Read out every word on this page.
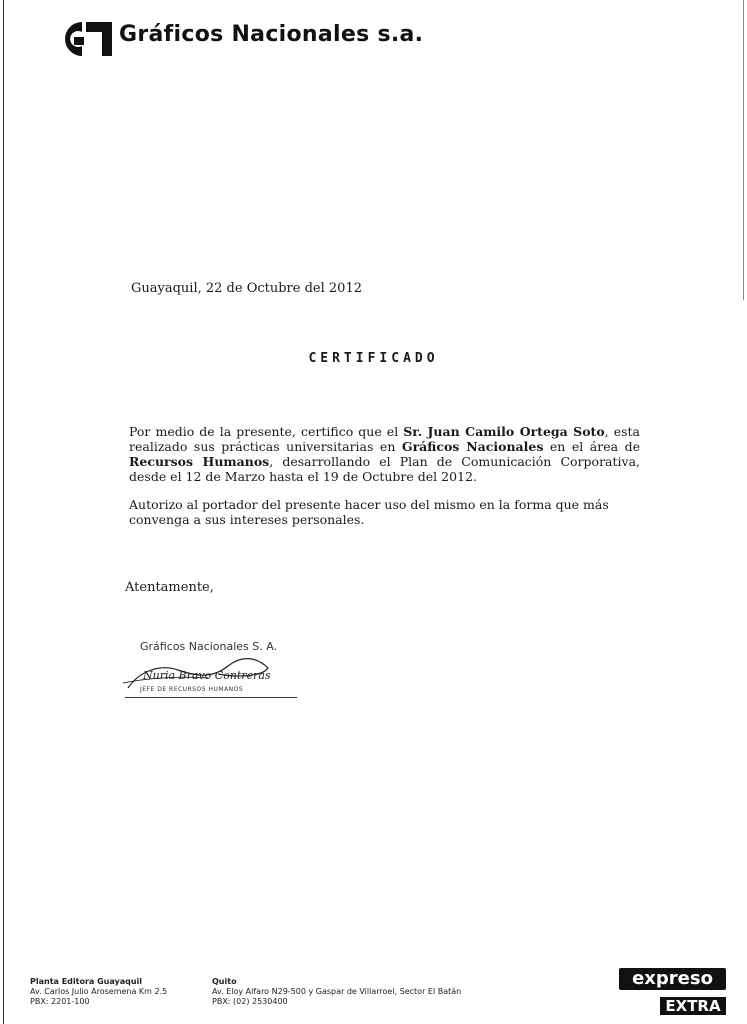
Gráficos Nacionales s.a.
Guayaquil, 22 de Octubre del 2012
CERTIFICADO

Por medio de la presente, certifico que el Sr. Juan Camilo Ortega Soto, esta realizado sus prácticas universitarias en Gráficos Nacionales en el área de Recursos Humanos, desarrollando el Plan de Comunicación Corporativa, desde el 12 de Marzo hasta el 19 de Octubre del 2012.

Autorizo al portador del presente hacer uso del mismo en la forma que más convenga a sus intereses personales.

Atentamente,
Gráficos Nacionales S. A.
Nuria Bravo Contreras
JEFE DE RECURSOS HUMANOS
Planta Editora Guayaquil
Av. Carlos Julio Arosemena Km 2.5
PBX: 2201-100
Quito
Av. Eloy Alfaro N29-500 y Gaspar de Villarroel, Sector El Batán
PBX: (02) 2530400
expreso
EXTRA
